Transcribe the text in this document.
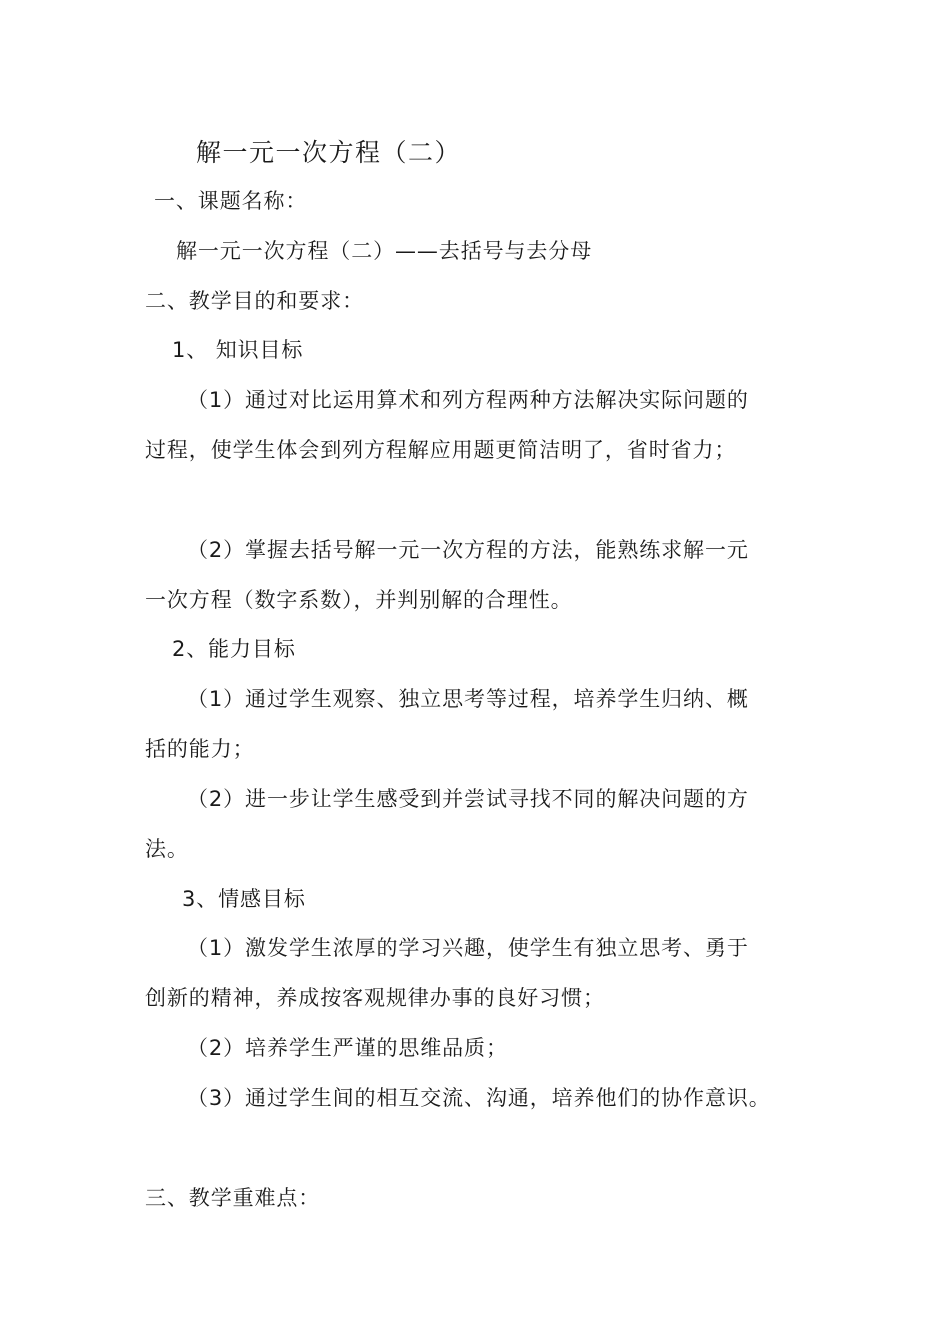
解一元一次方程（二）
一、课题名称：
解一元一次方程（二）——去括号与去分母
二、教学目的和要求：
1、 知识目标
（1）通过对比运用算术和列方程两种方法解决实际问题的
过程，使学生体会到列方程解应用题更简洁明了，省时省力；
（2）掌握去括号解一元一次方程的方法，能熟练求解一元
一次方程（数字系数），并判别解的合理性。
2、能力目标
（1）通过学生观察、独立思考等过程，培养学生归纳、概
括的能力；
（2）进一步让学生感受到并尝试寻找不同的解决问题的方
法。
3、情感目标
（1）激发学生浓厚的学习兴趣，使学生有独立思考、勇于
创新的精神，养成按客观规律办事的良好习惯；
（2）培养学生严谨的思维品质；
（3）通过学生间的相互交流、沟通，培养他们的协作意识。
三、教学重难点：
